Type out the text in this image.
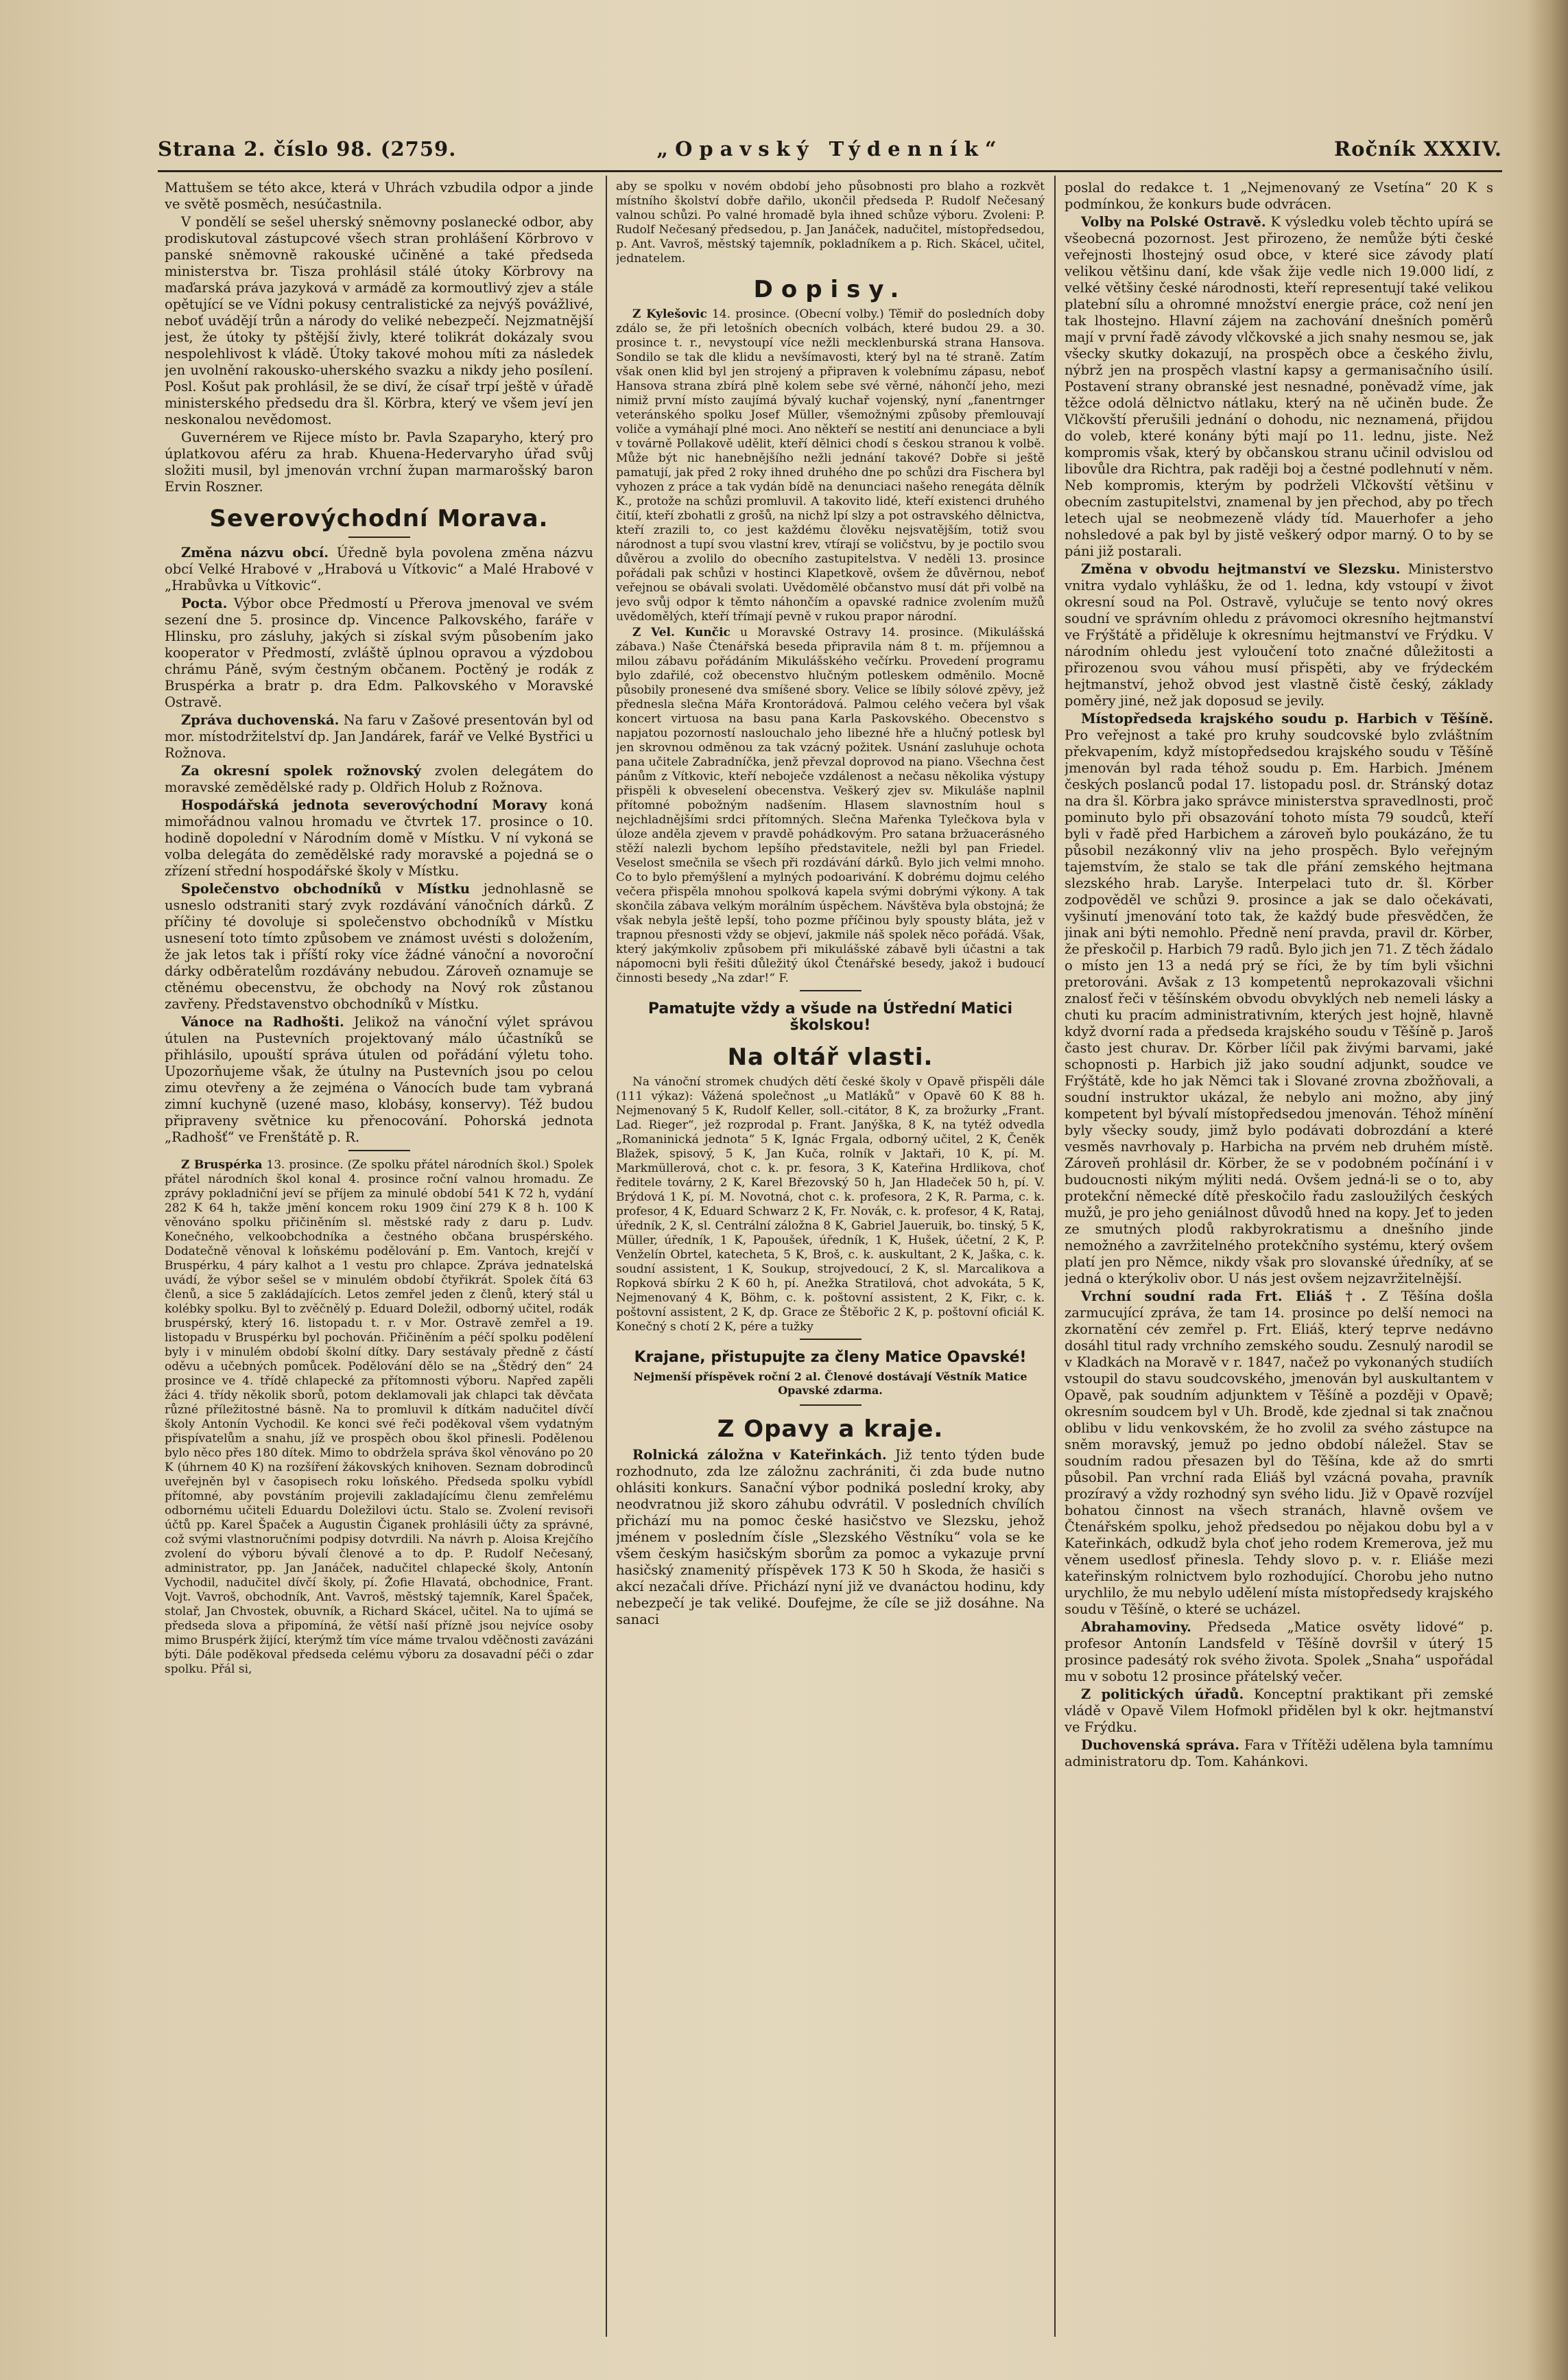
Strana 2. číslo 98. (2759.	„Opavský Týdenník“	Ročník XXXIV.

Mattušem se této akce, která v Uhrách vzbudila odpor a jinde ve světě posměch, nesúčastnila.

V pondělí se sešel uherský sněmovny poslanecké odbor, aby prodiskutoval zástupcové všech stran prohlášení Körbrovo v panské sněmovně rakouské učiněné a také předseda ministerstva br. Tisza prohlásil stálé útoky Körbrovy na maďarská práva jazyková v armádě za kormoutlivý zjev a stále opětující se ve Vídni pokusy centralistické za nejvýš povážlivé, neboť uvádějí trůn a národy do veliké nebezpečí. Nejzmatnější jest, že útoky ty pštější živly, které tolikrát dokázaly svou nespolehlivost k vládě. Útoky takové mohou míti za následek jen uvolnění rakousko-uherského svazku a nikdy jeho posílení. Posl. Košut pak prohlásil, že se diví, že císař trpí ještě v úřadě ministerského předsedu dra šl. Körbra, který ve všem jeví jen neskonalou nevědomost.

Guvernérem ve Rijece místo br. Pavla Szaparyho, který pro úplatkovou aféru za hrab. Khuena-Hedervaryho úřad svůj složiti musil, byl jmenován vrchní župan marmarošský baron Ervin Roszner.

Severovýchodní Morava.

Změna názvu obcí. Úředně byla povolena změna názvu obcí Velké Hrabové v „Hrabová u Vítkovic“ a Malé Hrabové v „Hrabůvka u Vítkovic“.

Pocta. Výbor obce Předmostí u Přerova jmenoval ve svém sezení dne 5. prosince dp. Vincence Palkovského, faráře v Hlinsku, pro zásluhy, jakých si získal svým působením jako kooperator v Předmostí, zvláště úplnou opravou a výzdobou chrámu Páně, svým čestným občanem. Poctěný je rodák z Bruspérka a bratr p. dra Edm. Palkovského v Moravské Ostravě.

Zpráva duchovenská. Na faru v Zašové presentován byl od mor. místodržitelství dp. Jan Jandárek, farář ve Velké Bystřici u Rožnova.

Za okresní spolek rožnovský zvolen delegátem do moravské zemědělské rady p. Oldřich Holub z Rožnova.

Hospodářská jednota severovýchodní Moravy koná mimořádnou valnou hromadu ve čtvrtek 17. prosince o 10. hodině dopolední v Národním domě v Místku. V ní vykoná se volba delegáta do zemědělské rady moravské a pojedná se o zřízení střední hospodářské školy v Místku.

Společenstvo obchodníků v Místku jednohlasně se usneslo odstraniti starý zvyk rozdávání vánočních dárků. Z příčiny té dovoluje si společenstvo obchodníků v Místku usnesení toto tímto způsobem ve známost uvésti s doložením, že jak letos tak i příští roky více žádné vánoční a novoroční dárky odběratelům rozdávány nebudou. Zároveň oznamuje se ctěnému obecenstvu, že obchody na Nový rok zůstanou zavřeny. Představenstvo obchodníků v Místku.

Vánoce na Radhošti. Jelikož na vánoční výlet správou útulen na Pustevních projektovaný málo účastníků se přihlásilo, upouští správa útulen od pořádání výletu toho. Upozorňujeme však, že útulny na Pustevních jsou po celou zimu otevřeny a že zejména o Vánocích bude tam vybraná zimní kuchyně (uzené maso, klobásy, konservy). Též budou připraveny světnice ku přenocování. Pohorská jednota „Radhošť“ ve Frenštátě p. R.

Z Bruspérka 13. prosince. (Ze spolku přátel národních škol.) Spolek přátel národních škol konal 4. prosince roční valnou hromadu. Ze zprávy pokladniční jeví se příjem za minulé období 541 K 72 h, vydání 282 K 64 h, takže jmění koncem roku 1909 činí 279 K 8 h. 100 K věnováno spolku přičiněním sl. městské rady z daru p. Ludv. Konečného, velkoobchodníka a čestného občana bruspérského. Dodatečně věnoval k loňskému podělování p. Em. Vantoch, krejčí v Bruspérku, 4 páry kalhot a 1 vestu pro chlapce. Zpráva jednatelská uvádí, že výbor sešel se v minulém období čtyřikrát. Spolek čítá 63 členů, a sice 5 zakládajících. Letos zemřel jeden z členů, který stál u kolébky spolku. Byl to zvěčnělý p. Eduard Doležil, odborný učitel, rodák bruspérský, který 16. listopadu t. r. v Mor. Ostravě zemřel a 19. listopadu v Bruspérku byl pochován. Přičiněním a péčí spolku podělení byly i v minulém období školní dítky. Dary sestávaly předně z částí oděvu a učebných pomůcek. Podělování dělo se na „Štědrý den“ 24 prosince ve 4. třídě chlapecké za přítomnosti výboru. Napřed zapěli žáci 4. třídy několik sborů, potom deklamovali jak chlapci tak děvčata různé příležitostné básně. Na to promluvil k dítkám nadučitel dívčí školy Antonín Vychodil. Ke konci své řeči poděkoval všem vydatným přispívatelům a snahu, jíž ve prospěch obou škol přinesli. Podělenou bylo něco přes 180 dítek. Mimo to obdržela správa škol věnováno po 20 K (úhrnem 40 K) na rozšíření žákovských knihoven. Seznam dobrodinců uveřejněn byl v časopisech roku loňského. Předseda spolku vybídl přítomné, aby povstáním projevili zakladajícímu členu zemřelému odbornému učiteli Eduardu Doležilovi úctu. Stalo se. Zvolení revisoři účtů pp. Karel Špaček a Augustin Čiganek prohlásili účty za správné, což svými vlastnoručními podpisy dotvrdili. Na návrh p. Aloisa Krejčího zvolení do výboru bývalí členové a to dp. P. Rudolf Nečesaný, administrator, pp. Jan Janáček, nadučitel chlapecké školy, Antonín Vychodil, nadučitel dívčí školy, pí. Žofie Hlavatá, obchodnice, Frant. Vojt. Vavroš, obchodník, Ant. Vavroš, městský tajemník, Karel Špaček, stolař, Jan Chvostek, obuvník, a Richard Skácel, učitel. Na to ujímá se předseda slova a připomíná, že větší naší přízně jsou nejvíce osoby mimo Bruspérk žijící, kterýmž tím více máme trvalou vděčnosti zavázáni býti. Dále poděkoval předseda celému výboru za dosavadní péči o zdar spolku. Přál si,

aby se spolku v novém období jeho působnosti pro blaho a rozkvět místního školství dobře dařilo, ukončil předseda P. Rudolf Nečesaný valnou schůzi. Po valné hromadě byla ihned schůze výboru. Zvoleni: P. Rudolf Nečesaný předsedou, p. Jan Janáček, nadučitel, místopředsedou, p. Ant. Vavroš, městský tajemník, pokladníkem a p. Rich. Skácel, učitel, jednatelem.

Dopisy.

Z Kylešovic 14. prosince. (Obecní volby.) Těmiř do posledních doby zdálo se, že při letošních obecních volbách, které budou 29. a 30. prosince t. r., nevystoupí více nežli mecklenburská strana Hansova. Sondilo se tak dle klidu a nevšímavosti, který byl na té straně. Zatím však onen klid byl jen strojený a připraven k volebnímu zápasu, neboť Hansova strana zbírá plně kolem sebe své věrné, náhončí jeho, mezi nimiž první místo zaujímá bývalý kuchař vojenský, nyní „fanentrnger veteránského spolku Josef Müller, všemožnými způsoby přemlouvají voliče a vymáhají plné moci. Ano někteří se nestití ani denunciace a byli v továrně Pollakově udělit, kteří dělnici chodí s českou stranou k volbě. Může být nic hanebnějšího nežli jednání takové? Dobře si ještě pamatují, jak před 2 roky ihned druhého dne po schůzi dra Fischera byl vyhozen z práce a tak vydán bídě na denunciaci našeho renegáta dělník K., protože na schůzi promluvil. A takovito lidé, kteří existenci druhého čitíí, kteří zbohatli z grošů, na nichž lpí slzy a pot ostravského dělnictva, kteří zrazili to, co jest každému člověku nejsvatějším, totiž svou národnost a tupí svou vlastní krev, vtírají se voličstvu, by je poctilo svou důvěrou a zvolilo do obecního zastupitelstva. V neděli 13. prosince pořádali pak schůzi v hostinci Klapetkově, ovšem že důvěrnou, neboť veřejnou se obávali svolati. Uvědomělé občanstvo musí dát při volbě na jevo svůj odpor k těmto náhončím a opavské radnice zvolením mužů uvědomělých, kteří třímají pevně v rukou prapor národní.

Z Vel. Kunčic u Moravské Ostravy 14. prosince. (Mikulášská zábava.) Naše Čtenářská beseda připravila nám 8 t. m. příjemnou a milou zábavu pořádáním Mikulášského večírku. Provedení programu bylo zdařilé, což obecenstvo hlučným potleskem odměnilo. Mocně působily pronesené dva smíšené sbory. Velice se líbily sólové zpěvy, jež přednesla slečna Mářa Krontorádová. Palmou celého večera byl však koncert virtuosa na basu pana Karla Paskovského. Obecenstvo s napjatou pozorností naslouchalo jeho libezné hře a hlučný potlesk byl jen skrovnou odměnou za tak vzácný požitek. Usnání zasluhuje ochota pana učitele Zabradníčka, jenž převzal doprovod na piano. Všechna čest pánům z Vítkovic, kteří neboječe vzdálenost a nečasu několika výstupy přispěli k obveselení obecenstva. Veškerý zjev sv. Mikuláše naplnil přítomné pobožným nadšením. Hlasem slavnostním houl s nejchladnějšími srdci přítomných. Slečna Mařenka Tylečkova byla v úloze anděla zjevem v pravdě pohádkovým. Pro satana bržuacerásného stěží nalezli bychom lepšího představitele, nežli byl pan Friedel. Veselost smečnila se všech při rozdávání dárků. Bylo jich velmi mnoho. Co to bylo přemýšlení a mylných podoarivání. K dobrému dojmu celého večera přispěla mnohou spolková kapela svými dobrými výkony. A tak skončila zábava velkým morálním úspěchem. Návštěva byla obstojná; že však nebyla ještě lepší, toho pozme příčinou byly spousty bláta, jež v trapnou přesnosti vždy se objeví, jakmile náš spolek něco pořádá. Však, který jakýmkoliv způsobem při mikulášské zábavě byli účastni a tak nápomocni byli řešiti důležitý úkol Čtenářské besedy, jakož i budoucí činnosti besedy „Na zdar!“ F.

Pamatujte vždy a všude na Ústřední Matici školskou!
Na oltář vlasti.

Na vánoční stromek chudých dětí české školy v Opavě přispěli dále (111 výkaz): Vážená společnost „u Matláků“ v Opavě 60 K 88 h. Nejmenovaný 5 K, Rudolf Keller, soll.-citátor, 8 K, za brožurky „Frant. Lad. Rieger“, jež rozprodal p. Frant. Janýška, 8 K, na tytéž odvedla „Romaninická jednota“ 5 K, Ignác Frgala, odborný učitel, 2 K, Čeněk Blažek, spisový, 5 K, Jan Kuča, rolník v Jaktaři, 10 K, pí. M. Markmüllerová, chot c. k. pr. fesora, 3 K, Kateřina Hrdlikova, choť ředitele továrny, 2 K, Karel Březovský 50 h, Jan Hladeček 50 h, pí. V. Brýdová 1 K, pí. M. Novotná, chot c. k. profesora, 2 K, R. Parma, c. k. profesor, 4 K, Eduard Schwarz 2 K, Fr. Novák, c. k. profesor, 4 K, Rataj, úředník, 2 K, sl. Centrální záložna 8 K, Gabriel Jaueruik, bo. tinský, 5 K, Müller, úředník, 1 K, Papoušek, úředník, 1 K, Hušek, účetní, 2 K, P. Venželín Obrtel, katecheta, 5 K, Broš, c. k. auskultant, 2 K, Jaška, c. k. soudní assistent, 1 K, Soukup, strojvedoucí, 2 K, sl. Marcalikova a Ropková sbírku 2 K 60 h, pí. Anežka Stratilová, chot advokáta, 5 K, Nejmenovaný 4 K, Böhm, c. k. poštovní assistent, 2 K, Fikr, c. k. poštovní assistent, 2 K, dp. Grace ze Štěbořic 2 K, p. poštovní oficiál K. Konečný s chotí 2 K, pére a tužky

Krajane, přistupujte za členy Matice Opavské!
Nejmenší příspěvek roční 2 al. Členové dostávají Věstník Matice Opavské zdarma.
Z Opavy a kraje.

Rolnická záložna v Kateřinkách. Již tento týden bude rozhodnuto, zda lze záložnu zachrániti, či zda bude nutno ohlásiti konkurs. Sanační výbor podniká poslední kroky, aby neodvratnou již skoro záhubu odvrátil. V posledních chvílích přichází mu na pomoc české hasičstvo ve Slezsku, jehož jménem v posledním čísle „Slezského Věstníku“ vola se ke všem českým hasičským sborům za pomoc a vykazuje první hasičský znamenitý příspěvek 173 K 50 h Skoda, že hasiči s akcí nezačali dříve. Přichází nyní již ve dvanáctou hodinu, kdy nebezpečí je tak veliké. Doufejme, že cíle se již dosáhne. Na sanaci

poslal do redakce t. 1 „Nejmenovaný ze Vsetína“ 20 K s podmínkou, že konkurs bude odvrácen.

Volby na Polské Ostravě. K výsledku voleb těchto upírá se všeobecná pozornost. Jest přirozeno, že nemůže býti české veřejnosti lhostejný osud obce, v které sice závody platí velikou většinu daní, kde však žije vedle nich 19.000 lidí, z velké většiny české národnosti, kteří representují také velikou platební sílu a ohromné množství energie práce, což není jen tak lhostejno. Hlavní zájem na zachování dnešních poměrů mají v první řadě závody vlčkovské a jich snahy nesmou se, jak všecky skutky dokazují, na prospěch obce a českého živlu, nýbrž jen na prospěch vlastní kapsy a germanisačního úsilí. Postavení strany obranské jest nesnadné, poněvadž víme, jak těžce odolá dělnictvo nátlaku, který na ně učiněn bude. Že Vlčkovští přerušili jednání o dohodu, nic neznamená, přijdou do voleb, které konány býti mají po 11. lednu, jiste. Než kompromis však, který by občanskou stranu učinil odvislou od libovůle dra Richtra, pak raději boj a čestné podlehnutí v něm. Neb kompromis, kterým by podrželi Vlčkovští většinu v obecním zastupitelstvi, znamenal by jen přechod, aby po třech letech ujal se neobmezeně vlády tíd. Mauerhofer a jeho nohsledové a pak byl by jistě veškerý odpor marný. O to by se páni již postarali.

Změna v obvodu hejtmanství ve Slezsku. Ministerstvo vnitra vydalo vyhlášku, že od 1. ledna, kdy vstoupí v život okresní soud na Pol. Ostravě, vylučuje se tento nový okres soudní ve správním ohledu z právomoci okresního hejtmanství ve Frýštátě a přiděluje k okresnímu hejtmanství ve Frýdku. V národním ohledu jest vyloučení toto značné důležitosti a přirozenou svou váhou musí přispěti, aby ve frýdeckém hejtmanství, jehož obvod jest vlastně čistě český, základy poměry jiné, než jak doposud se jevily.

Místopředseda krajského soudu p. Harbich v Těšíně. Pro veřejnost a také pro kruhy soudcovské bylo zvláštním překvapením, když místopředsedou krajského soudu v Těšíně jmenován byl rada téhož soudu p. Em. Harbich. Jménem českých poslanců podal 17. listopadu posl. dr. Stránský dotaz na dra šl. Körbra jako správce ministerstva spravedlnosti, proč pominuto bylo při obsazování tohoto místa 79 soudců, kteří byli v řadě před Harbichem a zároveň bylo poukázáno, že tu působil nezákonný vliv na jeho prospěch. Bylo veřejným tajemstvím, že stalo se tak dle přání zemského hejtmana slezského hrab. Laryše. Interpelaci tuto dr. šl. Körber zodpověděl ve schůzi 9. prosince a jak se dalo očekávati, vyšinutí jmenování toto tak, že každý bude přesvědčen, že jinak ani býti nemohlo. Předně není pravda, pravil dr. Körber, že přeskočil p. Harbich 79 radů. Bylo jich jen 71. Z těch žádalo o místo jen 13 a nedá prý se říci, že by tím byli všichni pretorováni. Avšak z 13 kompetentů neprokazovali všichni znalosť řeči v těšínském obvodu obvyklých neb nemeli lásky a chuti ku pracím administrativním, kterých jest hojně, hlavně když dvorní rada a předseda krajského soudu v Těšíně p. Jaroš často jest churav. Dr. Körber líčil pak živými barvami, jaké schopnosti p. Harbich již jako soudní adjunkt, soudce ve Frýštátě, kde ho jak Němci tak i Slované zrovna zbožňovali, a soudní instruktor ukázal, že nebylo ani možno, aby jiný kompetent byl bývalí místopředsedou jmenován. Téhož mínění byly všecky soudy, jimž bylo podávati dobrozdání a které vesměs navrhovaly p. Harbicha na prvém neb druhém místě. Zároveň prohlásil dr. Körber, že se v podobném počínání i v budoucnosti nikým mýliti nedá. Ovšem jedná-li se o to, aby protekční německé dítě přeskočilo řadu zasloužilých českých mužů, je pro jeho geniálnost důvodů hned na kopy. Jeť to jeden ze smutných plodů rakbyrokratismu a dnešního jinde nemožného a zavržitelného protekčního systému, který ovšem platí jen pro Němce, nikdy však pro slovanské úředníky, ať se jedná o kterýkoliv obor. U nás jest ovšem nejzavržitelnější.

Vrchní soudní rada Frt. Eliáš †. Z Těšína došla zarmucující zpráva, že tam 14. prosince po delší nemoci na zkornatění cév zemřel p. Frt. Eliáš, který teprve nedávno dosáhl titul rady vrchního zemského soudu. Zesnulý narodil se v Kladkách na Moravě v r. 1847, načež po vykonaných studiích vstoupil do stavu soudcovského, jmenován byl auskultantem v Opavě, pak soudním adjunktem v Těšíně a později v Opavě; okresním soudcem byl v Uh. Brodě, kde zjednal si tak značnou oblibu v lidu venkovském, že ho zvolil za svého zástupce na sněm moravský, jemuž po jedno období náležel. Stav se soudním radou přesazen byl do Těšína, kde až do smrti působil. Pan vrchní rada Eliáš byl vzácná povaha, pravník prozíravý a vždy rozhodný syn svého lidu. Již v Opavě rozvíjel bohatou činnost na všech stranách, hlavně ovšem ve Čtenářském spolku, jehož předsedou po nějakou dobu byl a v Kateřinkách, odkudž byla choť jeho rodem Kremerova, jež mu věnem usedlosť přinesla. Tehdy slovo p. v. r. Eliáše mezi kateřinským rolnictvem bylo rozhodující. Chorobu jeho nutno urychlilo, že mu nebylo udělení místa místopředsedy krajského soudu v Těšíně, o které se ucházel.

Abrahamoviny. Předseda „Matice osvěty lidové“ p. profesor Antonín Landsfeld v Těšíně dovršil v úterý 15 prosince padesátý rok svého života. Spolek „Snaha“ uspořádal mu v sobotu 12 prosince přátelský večer.

Z politických úřadů. Konceptní praktikant při zemské vládě v Opavě Vilem Hofmokl přidělen byl k okr. hejtmanství ve Frýdku.

Duchovenská správa. Fara v Třítěži udělena byla tamnímu administratoru dp. Tom. Kahánkovi.
